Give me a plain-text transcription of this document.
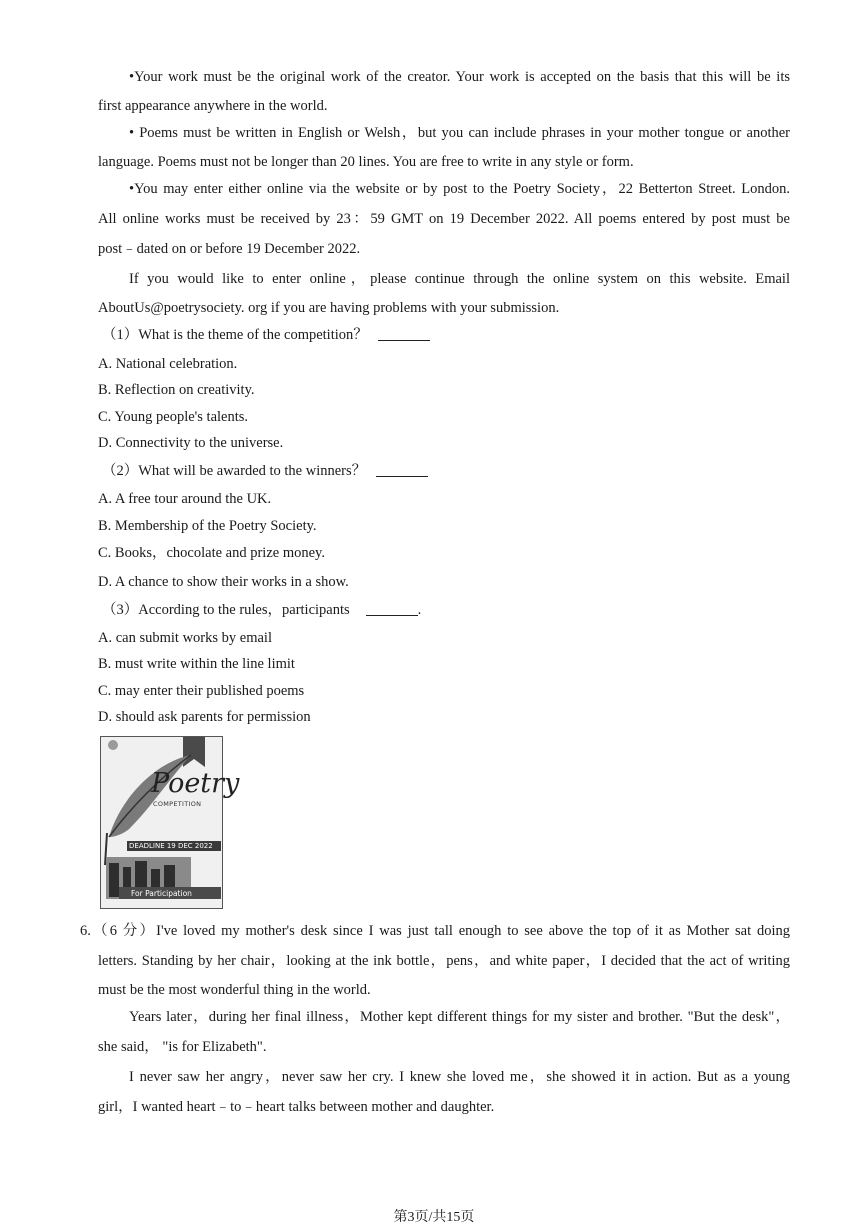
•Your work must be the original work of the creator. Your work is accepted on the basis that this will be its
first appearance anywhere in the world.
• Poems must be written in English or Welsh，but you can include phrases in your mother tongue or another
language. Poems must not be longer than 20 lines. You are free to write in any style or form.
•You may enter either online via the website or by post to the Poetry Society，22 Betterton Street. London.
All online works must be received by 23：59 GMT on 19 December 2022. All poems entered by post must be
post﹣dated on or before 19 December 2022.
If you would like to enter online，please continue through the online system on this website. Email
AboutUs@poetrysociety. org if you are having problems with your submission.
（1）What is the theme of the competition？
A. National celebration.
B. Reflection on creativity.
C. Young people's talents.
D. Connectivity to the universe.
（2）What will be awarded to the winners？
A. A free tour around the UK.
B. Membership of the Poetry Society.
C. Books，chocolate and prize money.
D. A chance to show their works in a show.
（3）According to the rules，participants	.
A. can submit works by email
B. must write within the line limit
C. may enter their published poems
D. should ask parents for permission
Poetry
COMPETITION
DEADLINE 19 DEC 2022
For Participation
6.（6 分）I've loved my mother's desk since I was just tall enough to see above the top of it as Mother sat doing
letters. Standing by her chair，looking at the ink bottle，pens，and white paper，I decided that the act of writing
must be the most wonderful thing in the world.
Years later，during her final illness，Mother kept different things for my sister and brother. "But the desk"，
she said， "is for Elizabeth".
I never saw her angry，never saw her cry. I knew she loved me，she showed it in action. But as a young
girl，I wanted heart﹣to﹣heart talks between mother and daughter.
第3页/共15页
